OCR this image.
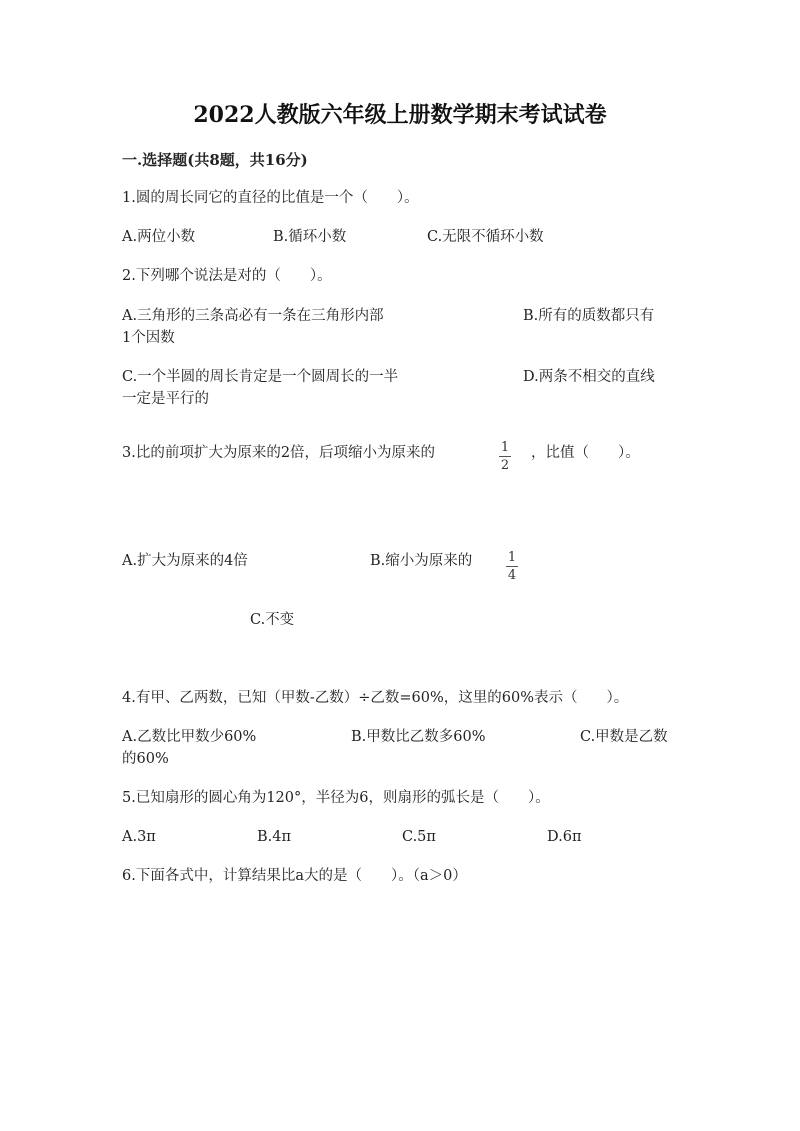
2022人教版六年级上册数学期末考试试卷
一.选择题(共8题，共16分)
1.圆的周长同它的直径的比值是一个（　　）。
A.两位小数	B.循环小数	C.无限不循环小数
2.下列哪个说法是对的（　　）。
A.三角形的三条高必有一条在三角形内部	B.所有的质数都只有
1个因数
C.一个半圆的周长肯定是一个圆周长的一半	D.两条不相交的直线
一定是平行的
3.比的前项扩大为原来的2倍，后项缩小为原来的	$\frac{1}{2}$ ，比值（　　）。
A.扩大为原来的4倍	B.缩小为原来的	$\frac{1}{4}$
C.不变
4.有甲、乙两数，已知（甲数-乙数）÷乙数=60%，这里的60%表示（　　）。
A.乙数比甲数少60%	B.甲数比乙数多60%	C.甲数是乙数
的60%
5.已知扇形的圆心角为120°，半径为6，则扇形的弧长是（　　）。
A.3π	B.4π	C.5π	D.6π
6.下面各式中，计算结果比a大的是（　　）。（a＞0）
